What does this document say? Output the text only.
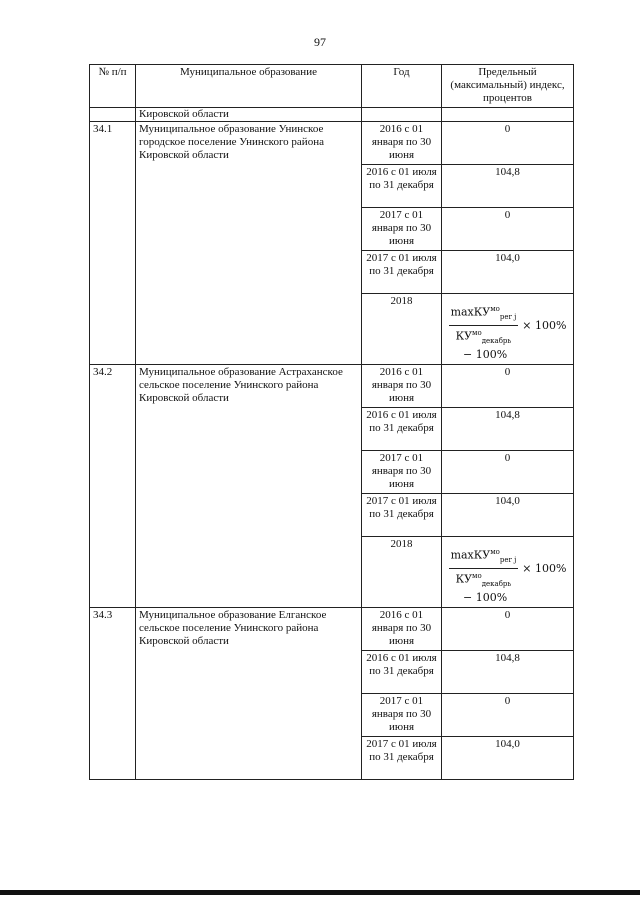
97
№ п/п	Муниципальное образование	Год	Предельный (максимальный) индекс, процентов
	Кировской области		
34.1	Муниципальное образование Унинское городское поселение Унинского района Кировской области	2016 с 01 января по 30 июня	0
		2016 с 01 июля по 31 декабря	104,8
		2017 с 01 января по 30 июня	0
		2017 с 01 июля по 31 декабря	104,0
		2018	$\frac{\max КУ^{мо}_{per j}}{КУ^{мо}_{декабрь}} \times 100\%$
− 100%

34.2	Муниципальное образование Астраханское сельское поселение Унинского района Кировской области	2016 с 01 января по 30 июня	0
		2016 с 01 июля по 31 декабря	104,8
		2017 с 01 января по 30 июня	0
		2017 с 01 июля по 31 декабря	104,0
		2018	$\frac{\max КУ^{мо}_{per j}}{КУ^{мо}_{декабрь}} \times 100\%$
− 100%

34.3	Муниципальное образование Елганское сельское поселение Унинского района Кировской области	2016 с 01 января по 30 июня	0
		2016 с 01 июля по 31 декабря	104,8
		2017 с 01 января по 30 июня	0
		2017 с 01 июля по 31 декабря	104,0
